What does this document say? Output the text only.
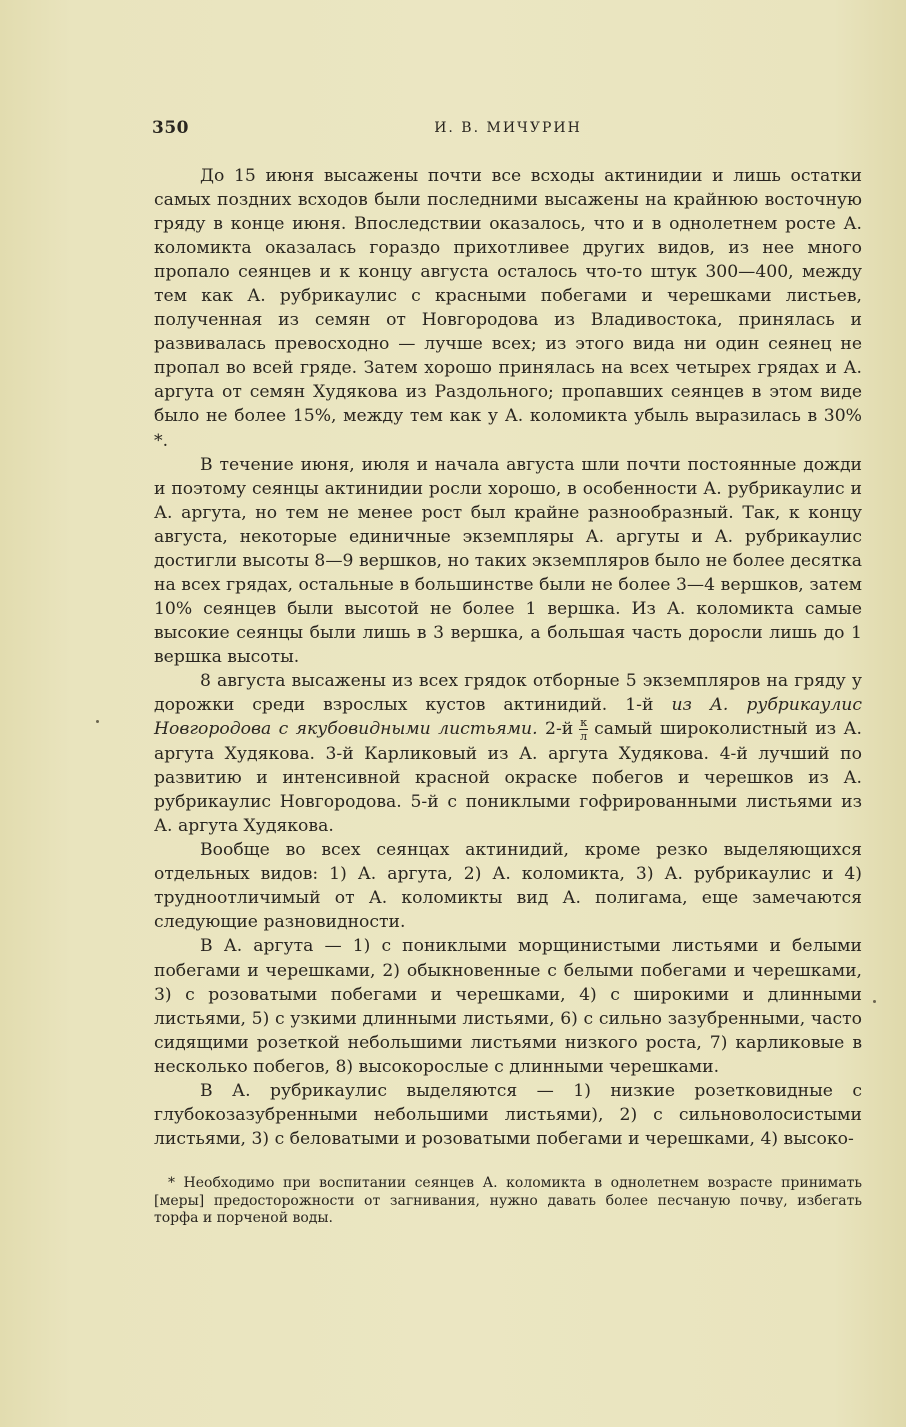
350	И. В. МИЧУРИН

До 15 июня высажены почти все всходы актинидии и лишь остатки самых поздних всходов были последними высажены на крайнюю восточную гряду в конце июня. Впоследствии оказалось, что и в однолетнем росте А. коломикта оказалась гораздо прихотливее других видов, из нее много пропало сеянцев и к концу августа осталось что-то штук 300—400, между тем как А. рубрикаулис с красными побегами и черешками листьев, полученная из семян от Новгородова из Владивостока, принялась и развивалась превосходно — лучше всех; из этого вида ни один сеянец не пропал во всей гряде. Затем хорошо принялась на всех четырех грядах и А. аргута от семян Худякова из Раздольного; пропавших сеянцев в этом виде было не более 15%, между тем как у А. коломикта убыль выразилась в 30% *.

В течение июня, июля и начала августа шли почти постоянные дожди и поэтому сеянцы актинидии росли хорошо, в особенности А. рубрикаулис и А. аргута, но тем не менее рост был крайне разнообразный. Так, к концу августа, некоторые единичные экземпляры А. аргуты и А. рубрикаулис достигли высоты 8—9 вершков, но таких экземпляров было не более десятка на всех грядах, остальные в большинстве были не более 3—4 вершков, затем 10% сеянцев были высотой не более 1 вершка. Из А. коломикта самые высокие сеянцы были лишь в 3 вершка, а большая часть доросли лишь до 1 вершка высоты.

8 августа высажены из всех грядок отборные 5 экземпляров на гряду у дорожки среди взрослых кустов актинидий. 1-й из А. рубрикаулис Новгородова с якубовидными листьями. $2-й \frac{к}{л}$ самый широколистный из А. аргута Худякова. 3-й Карликовый из А. аргута Худякова. 4-й лучший по развитию и интенсивной красной окраске побегов и черешков из А. рубрикаулис Новгородова. 5-й с пониклыми гофрированными листьями из А. аргута Худякова.

Вообще во всех сеянцах актинидий, кроме резко выделяющихся отдельных видов: 1) А. аргута, 2) А. коломикта, 3) А. рубрикаулис и 4) трудноотличимый от А. коломикты вид А. полигама, еще замечаются следующие разновидности.

В А. аргута — 1) с пониклыми морщинистыми листьями и белыми побегами и черешками, 2) обыкновенные с белыми побегами и черешками, 3) с розоватыми побегами и черешками, 4) с широкими и длинными листьями, 5) с узкими длинными листьями, 6) с сильно зазубренными, часто сидящими розеткой небольшими листьями низкого роста, 7) карликовые в несколько побегов, 8) высокорослые с длинными черешками.

В А. рубрикаулис выделяются — 1) низкие розетковидные с глубокозазубренными небольшими листьями), 2) с сильноволосистыми листьями, 3) с беловатыми и розоватыми побегами и черешками, 4) высоко-

* Необходимо при воспитании сеянцев А. коломикта в однолетнем возрасте принимать [меры] предосторожности от загнивания, нужно давать более песчаную почву, избегать торфа и порченой воды.
